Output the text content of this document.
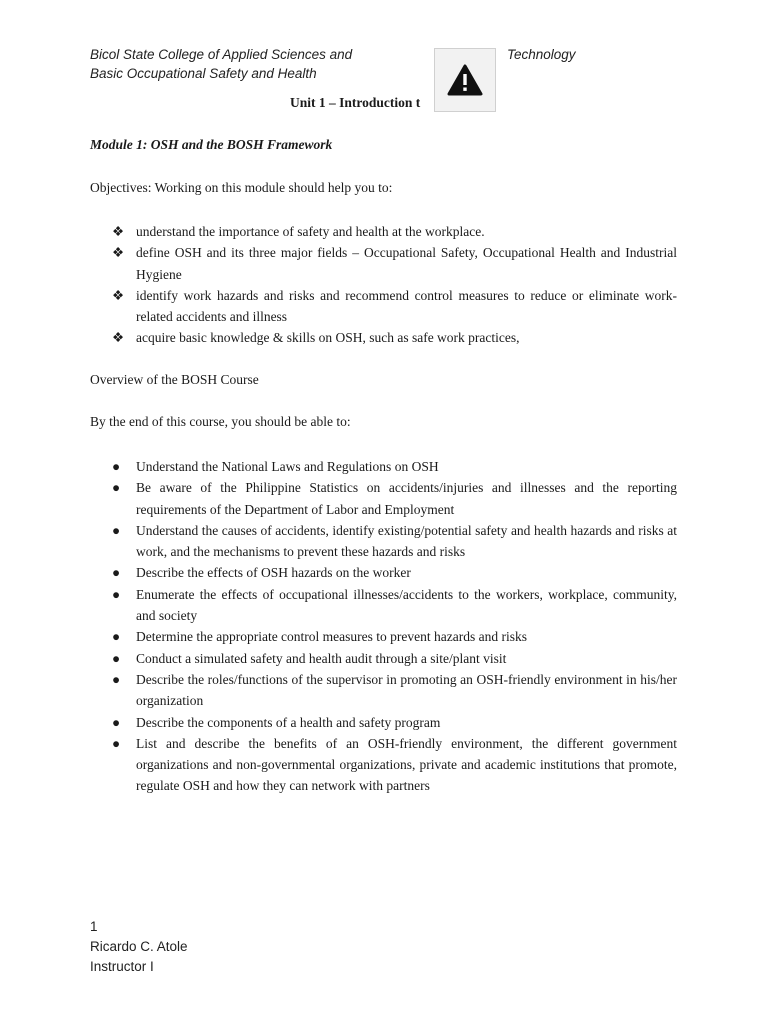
Bicol State College of Applied Sciences and	Technology
Basic Occupational Safety and Health
Unit 1 – Introduction t
Module 1: OSH and the BOSH Framework
Objectives: Working on this module should help you to:
❖ understand the importance of safety and health at the workplace.
❖ define OSH and its three major fields – Occupational Safety, Occupational Health and Industrial Hygiene
❖ identify work hazards and risks and recommend control measures to reduce or eliminate work-related accidents and illness
❖ acquire basic knowledge & skills on OSH, such as safe work practices,
Overview of the BOSH Course
By the end of this course, you should be able to:
● Understand the National Laws and Regulations on OSH
● Be aware of the Philippine Statistics on accidents/injuries and illnesses and the reporting requirements of the Department of Labor and Employment
● Understand the causes of accidents, identify existing/potential safety and health hazards and risks at work, and the mechanisms to prevent these hazards and risks
● Describe the effects of OSH hazards on the worker
● Enumerate the effects of occupational illnesses/accidents to the workers, workplace, community, and society
● Determine the appropriate control measures to prevent hazards and risks
● Conduct a simulated safety and health audit through a site/plant visit
● Describe the roles/functions of the supervisor in promoting an OSH-friendly environment in his/her organization
● Describe the components of a health and safety program
● List and describe the benefits of an OSH-friendly environment, the different government organizations and non-governmental organizations, private and academic institutions that promote, regulate OSH and how they can network with partners
1
Ricardo C. Atole
Instructor I
